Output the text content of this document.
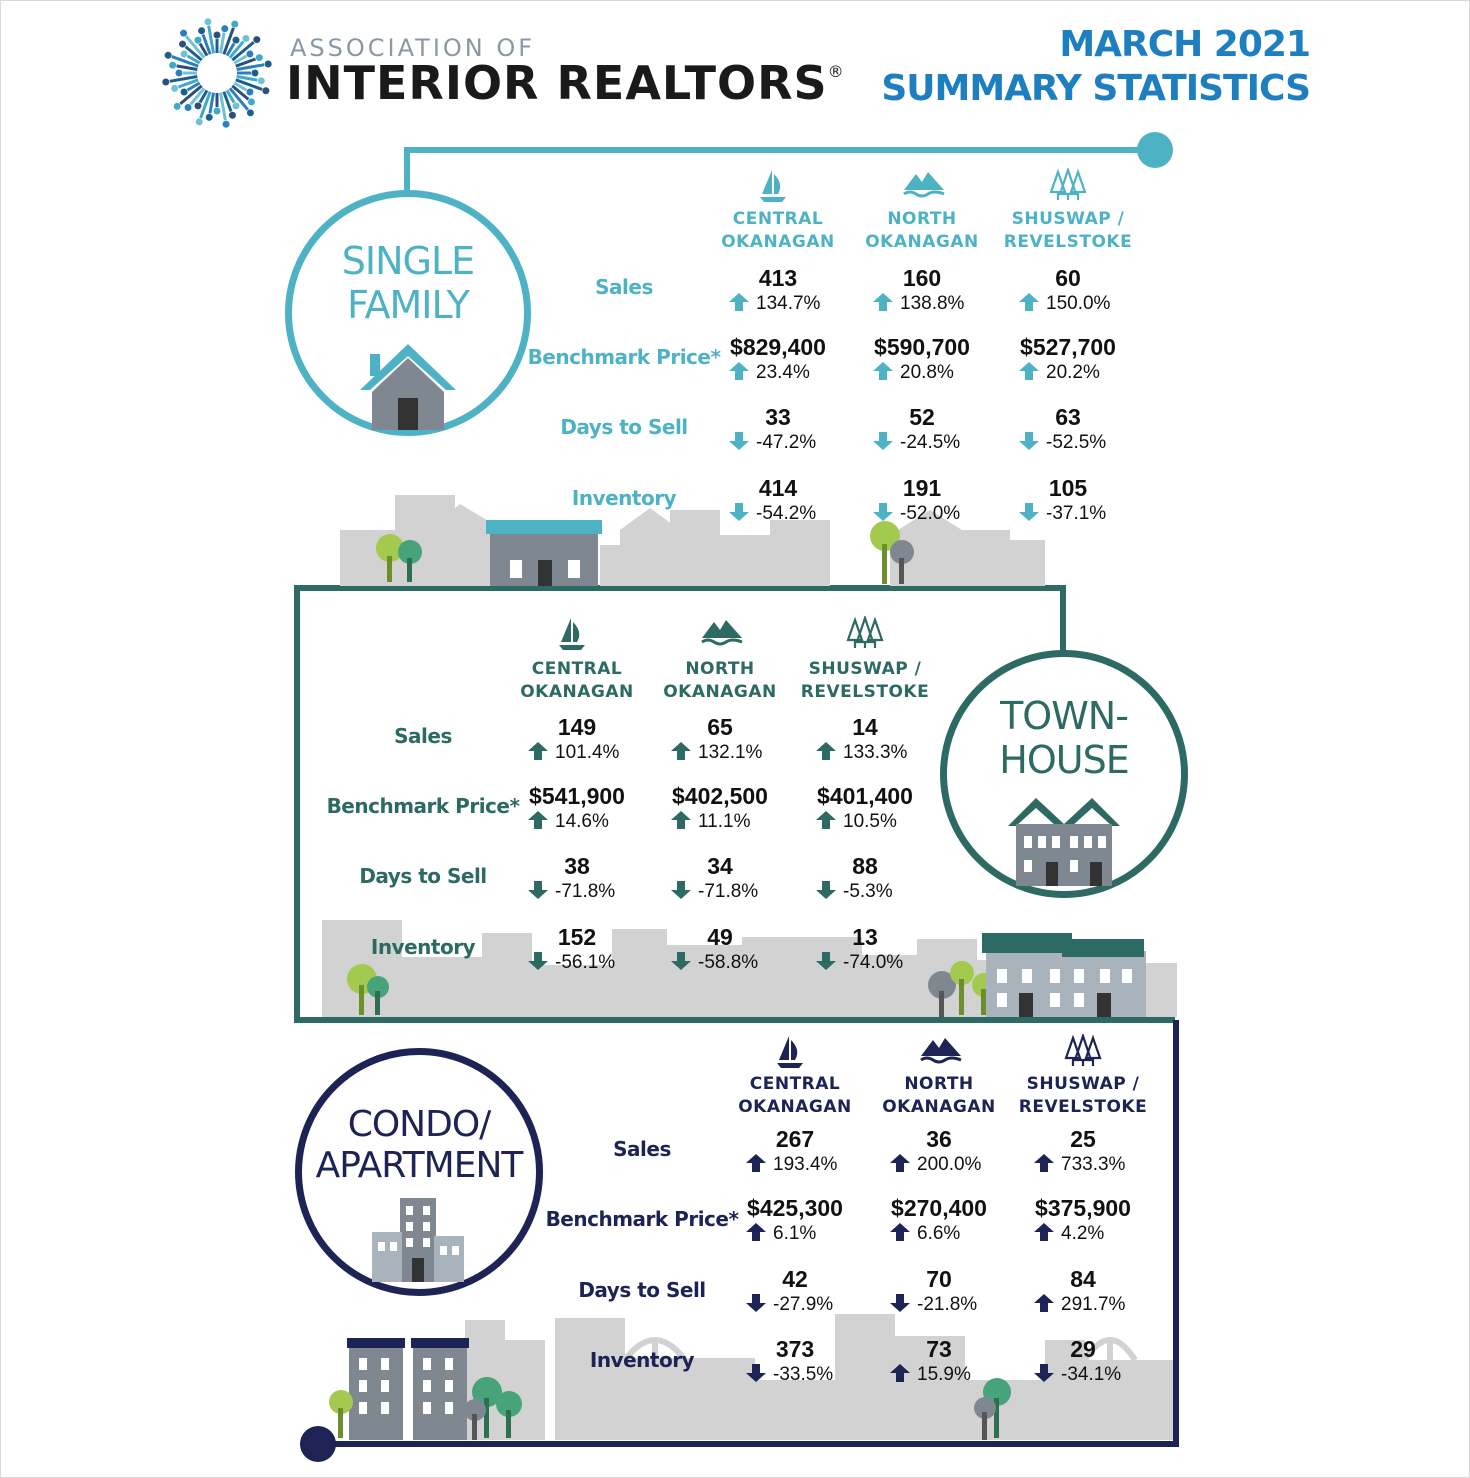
ASSOCIATION OF
INTERIOR REALTORS®
MARCH 2021
SUMMARY STATISTICS
SINGLE
FAMILY
TOWN-
HOUSE
CONDO/
APARTMENT
CENTRAL
OKANAGAN
NORTH
OKANAGAN
SHUSWAP /
REVELSTOKE
Sales
Benchmark Price*
Days to Sell
Inventory
413
134.7%
160
138.8%
60
150.0%
$829,400
23.4%
$590,700
20.8%
$527,700
20.2%
33
-47.2%
52
-24.5%
63
-52.5%
414
-54.2%
191
-52.0%
105
-37.1%
CENTRAL
OKANAGAN
NORTH
OKANAGAN
SHUSWAP /
REVELSTOKE
Sales
Benchmark Price*
Days to Sell
Inventory
149
101.4%
65
132.1%
14
133.3%
$541,900
14.6%
$402,500
11.1%
$401,400
10.5%
38
-71.8%
34
-71.8%
88
-5.3%
152
-56.1%
49
-58.8%
13
-74.0%
CENTRAL
OKANAGAN
NORTH
OKANAGAN
SHUSWAP /
REVELSTOKE
Sales
Benchmark Price*
Days to Sell
Inventory
267
193.4%
36
200.0%
25
733.3%
$425,300
6.1%
$270,400
6.6%
$375,900
4.2%
42
-27.9%
70
-21.8%
84
291.7%
373
-33.5%
73
15.9%
29
-34.1%
